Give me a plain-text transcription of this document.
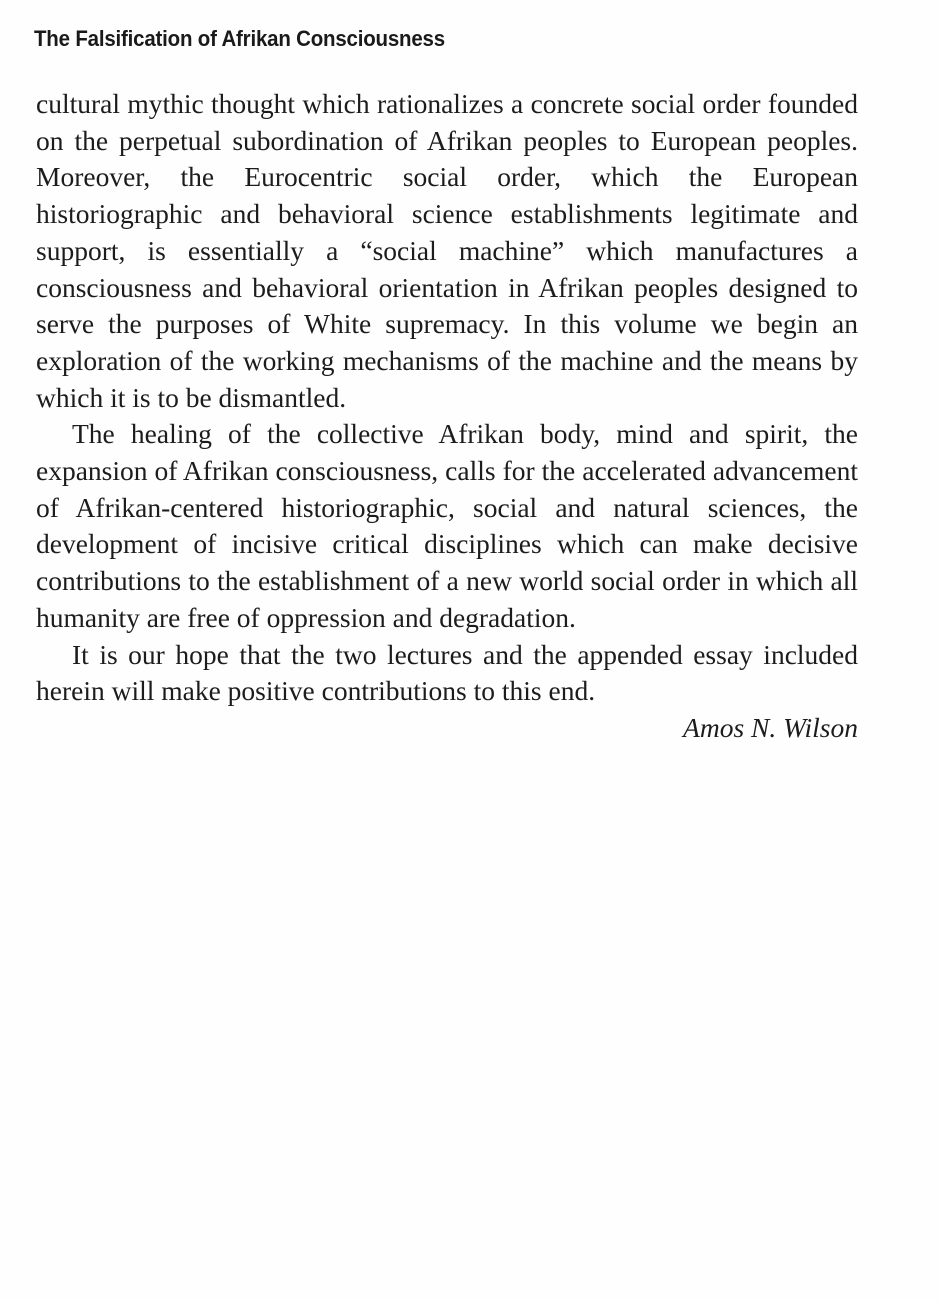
The Falsification of Afrikan Consciousness

cultural mythic thought which rationalizes a concrete social order founded on the perpetual subordination of Afrikan peoples to European peoples. Moreover, the Eurocentric social order, which the European historiographic and behavioral science establishments legitimate and support, is essentially a “social machine” which manufactures a consciousness and behavioral orientation in Afrikan peoples designed to serve the purposes of White supremacy. In this volume we begin an exploration of the working mechanisms of the machine and the means by which it is to be dismantled.

The healing of the collective Afrikan body, mind and spirit, the expansion of Afrikan consciousness, calls for the accelerated advancement of Afrikan-centered historiographic, social and natural sciences, the development of incisive critical disciplines which can make decisive contributions to the establishment of a new world social order in which all humanity are free of oppression and degradation.

It is our hope that the two lectures and the appended essay included herein will make positive contributions to this end.

Amos N. Wilson
